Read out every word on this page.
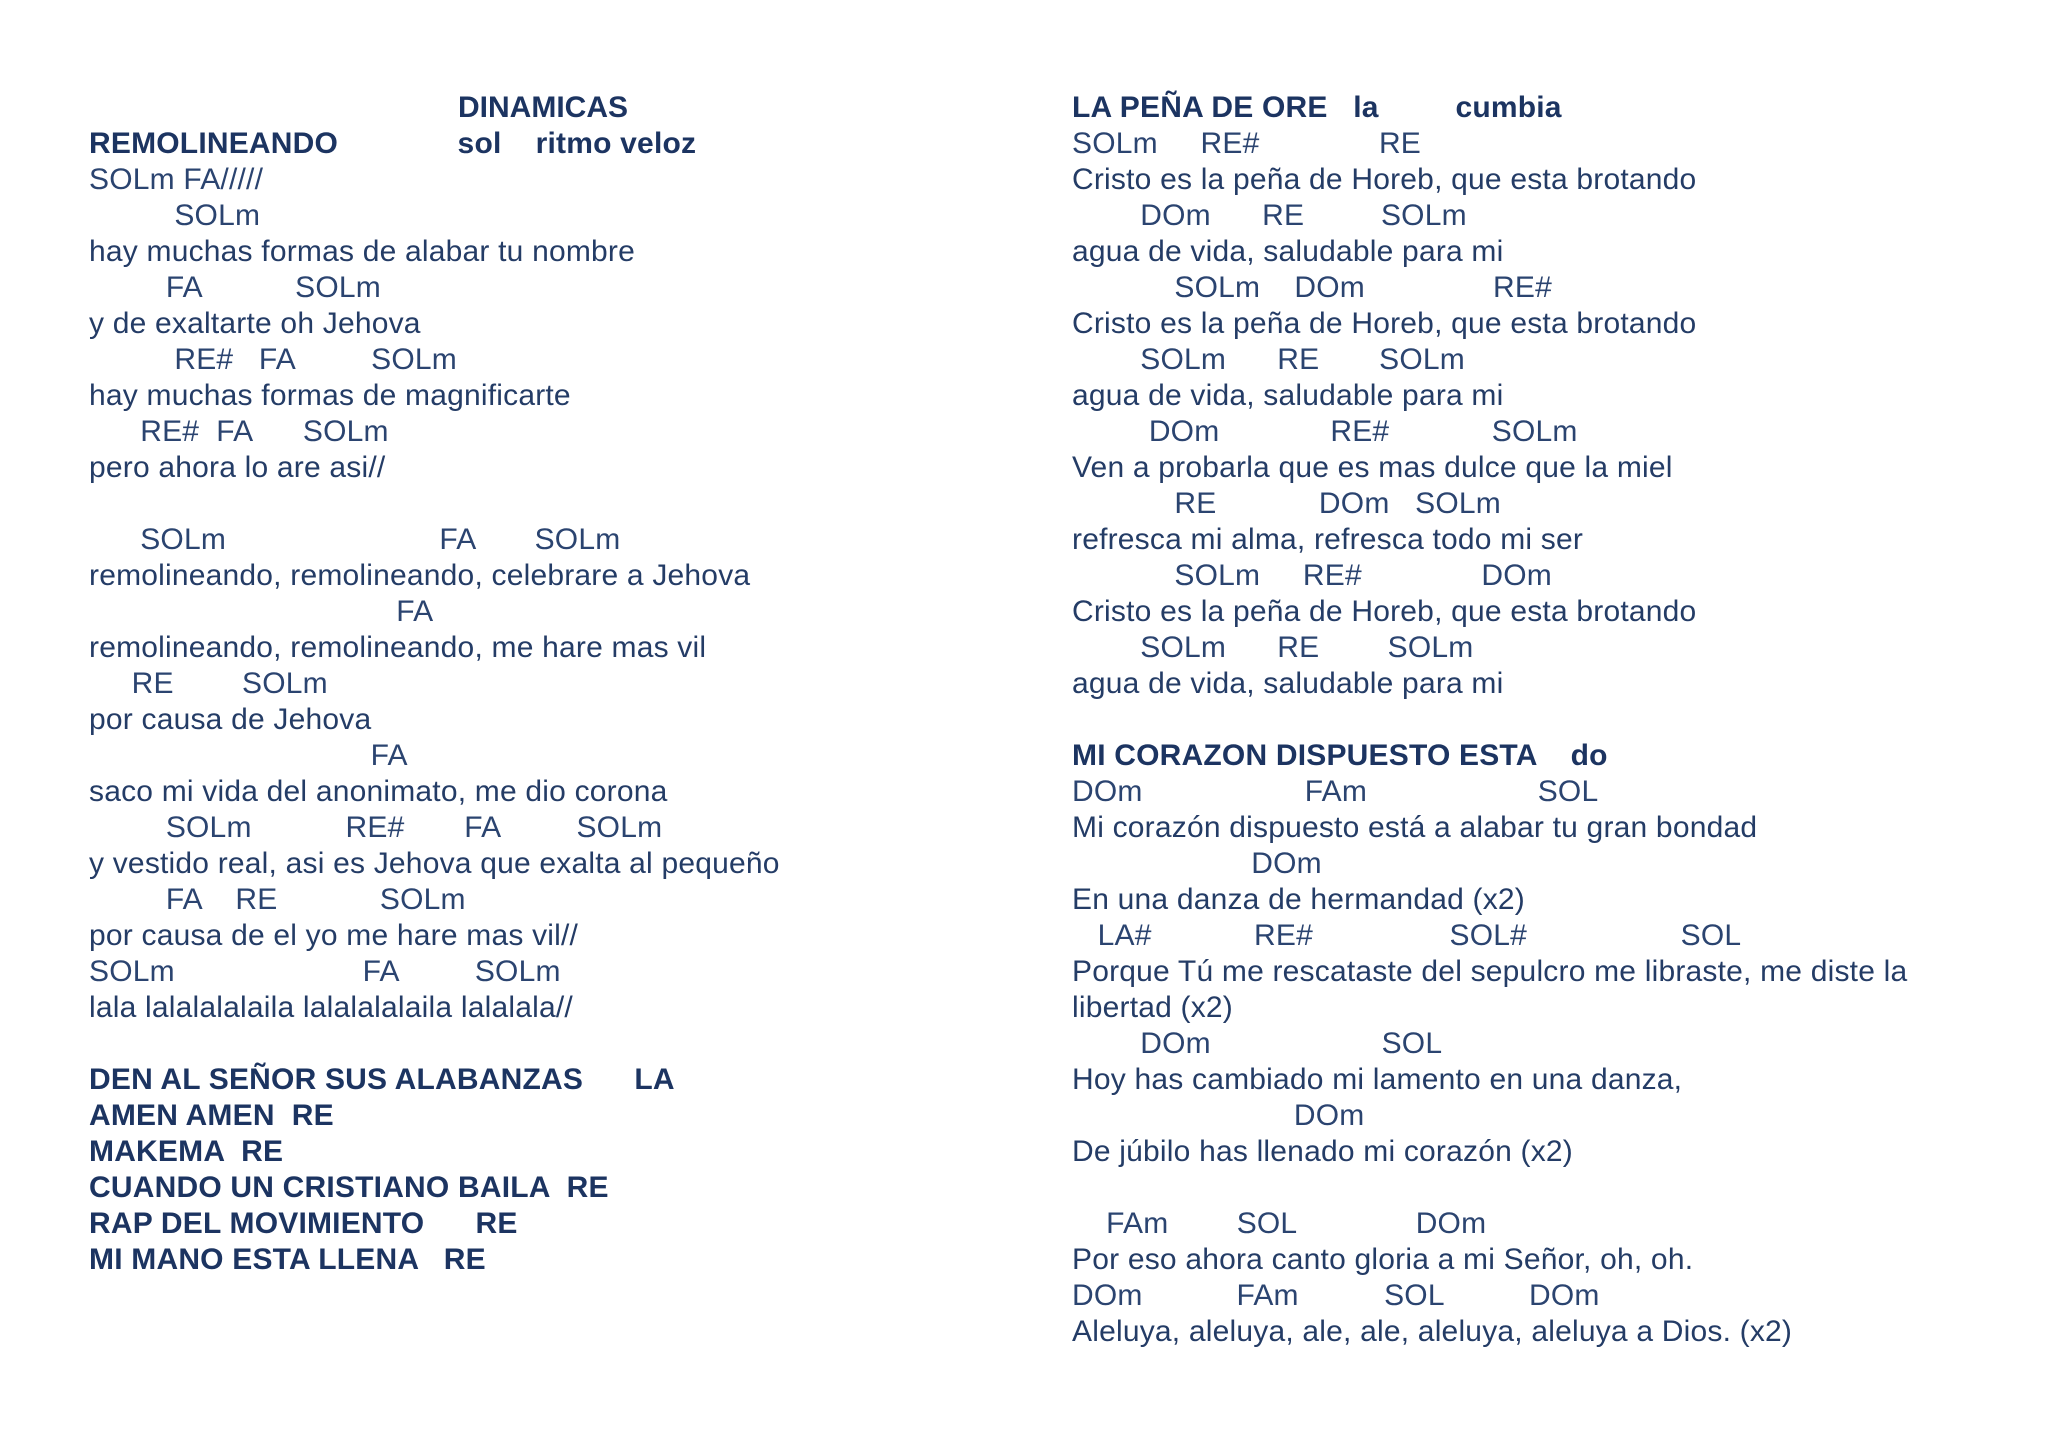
DINAMICAS
REMOLINEANDO              sol    ritmo veloz
SOLm FA/////
SOLm
hay muchas formas de alabar tu nombre
FA           SOLm
y de exaltarte oh Jehova
RE#   FA         SOLm
hay muchas formas de magnificarte
RE#  FA      SOLm
pero ahora lo are asi//
SOLm                         FA       SOLm
remolineando, remolineando, celebrare a Jehova
FA
remolineando, remolineando, me hare mas vil
RE        SOLm
por causa de Jehova
FA
saco mi vida del anonimato, me dio corona
SOLm           RE#       FA         SOLm
y vestido real, asi es Jehova que exalta al pequeño
FA    RE            SOLm
por causa de el yo me hare mas vil//
SOLm                      FA         SOLm
lala lalalalalaila lalalalalaila lalalala//
DEN AL SEÑOR SUS ALABANZAS      LA
AMEN AMEN  RE
MAKEMA  RE
CUANDO UN CRISTIANO BAILA  RE
RAP DEL MOVIMIENTO      RE
MI MANO ESTA LLENA   RE
LA PEÑA DE ORE   la         cumbia
SOLm     RE#              RE
Cristo es la peña de Horeb, que esta brotando
DOm      RE         SOLm
agua de vida, saludable para mi
SOLm    DOm               RE#
Cristo es la peña de Horeb, que esta brotando
SOLm      RE       SOLm
agua de vida, saludable para mi
DOm             RE#            SOLm
Ven a probarla que es mas dulce que la miel
RE            DOm   SOLm
refresca mi alma, refresca todo mi ser
SOLm     RE#              DOm
Cristo es la peña de Horeb, que esta brotando
SOLm      RE        SOLm
agua de vida, saludable para mi
MI CORAZON DISPUESTO ESTA    do
DOm                   FAm                    SOL
Mi corazón dispuesto está a alabar tu gran bondad
DOm
En una danza de hermandad (x2)
LA#            RE#                SOL#                  SOL
Porque Tú me rescataste del sepulcro me libraste, me diste la
libertad (x2)
DOm                    SOL
Hoy has cambiado mi lamento en una danza,
DOm
De júbilo has llenado mi corazón (x2)
FAm        SOL              DOm
Por eso ahora canto gloria a mi Señor, oh, oh.
DOm           FAm          SOL          DOm
Aleluya, aleluya, ale, ale, aleluya, aleluya a Dios. (x2)
